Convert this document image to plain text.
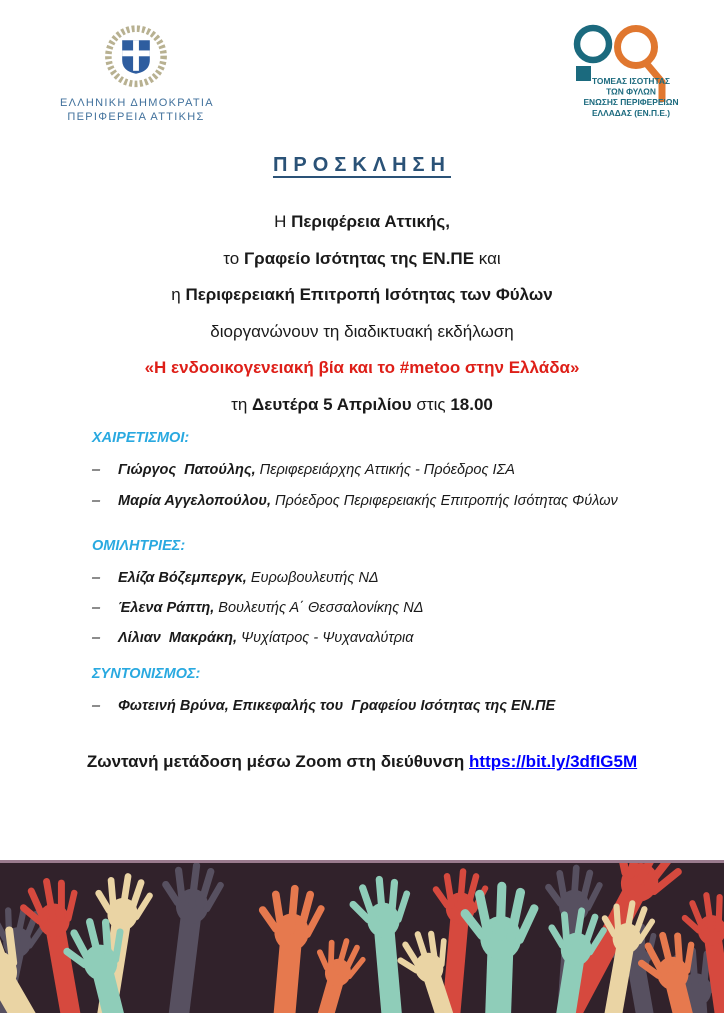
ΕΛΛΗΝΙΚΗ ΔΗΜΟΚΡΑΤΙΑ
ΠΕΡΙΦΕΡΕΙΑ ΑΤΤΙΚΗΣ
ΤΟΜΕΑΣ ΙΣΟΤΗΤΑΣ
ΤΩΝ ΦΥΛΩΝ
ΕΝΩΣΗΣ ΠΕΡΙΦΕΡΕΙΩΝ
ΕΛΛΑΔΑΣ (ΕΝ.Π.Ε.)
ΠΡΟΣΚΛΗΣΗ

Η Περιφέρεια Αττικής,

το Γραφείο Ισότητας της ΕΝ.ΠΕ και

η Περιφερειακή Επιτροπή Ισότητας των Φύλων

διοργανώνουν τη διαδικτυακή εκδήλωση

«Η ενδοοικογενειακή βία και το #metoo στην Ελλάδα»

τη Δευτέρα 5 Απριλίου στις 18.00

ΧΑΙΡΕΤΙΣΜΟΙ:
–	Γιώργος  Πατούλης, Περιφερειάρχης Αττικής - Πρόεδρος ΙΣΑ
–	Μαρία Αγγελοπούλου, Πρόεδρος Περιφερειακής Επιτροπής Ισότητας Φύλων
ΟΜΙΛΗΤΡΙΕΣ:
–	Ελίζα Βόζεμπεργκ, Ευρωβουλευτής ΝΔ
–	Έλενα Ράπτη, Βουλευτής Α΄ Θεσσαλονίκης ΝΔ
–	Λίλιαν  Μακράκη, Ψυχίατρος - Ψυχαναλύτρια
ΣΥΝΤΟΝΙΣΜΟΣ:
–	Φωτεινή Βρύνα, Επικεφαλής του  Γραφείου Ισότητας της ΕΝ.ΠΕ
Ζωντανή μετάδοση μέσω Zoom στη διεύθυνση https://bit.ly/3dfIG5M
